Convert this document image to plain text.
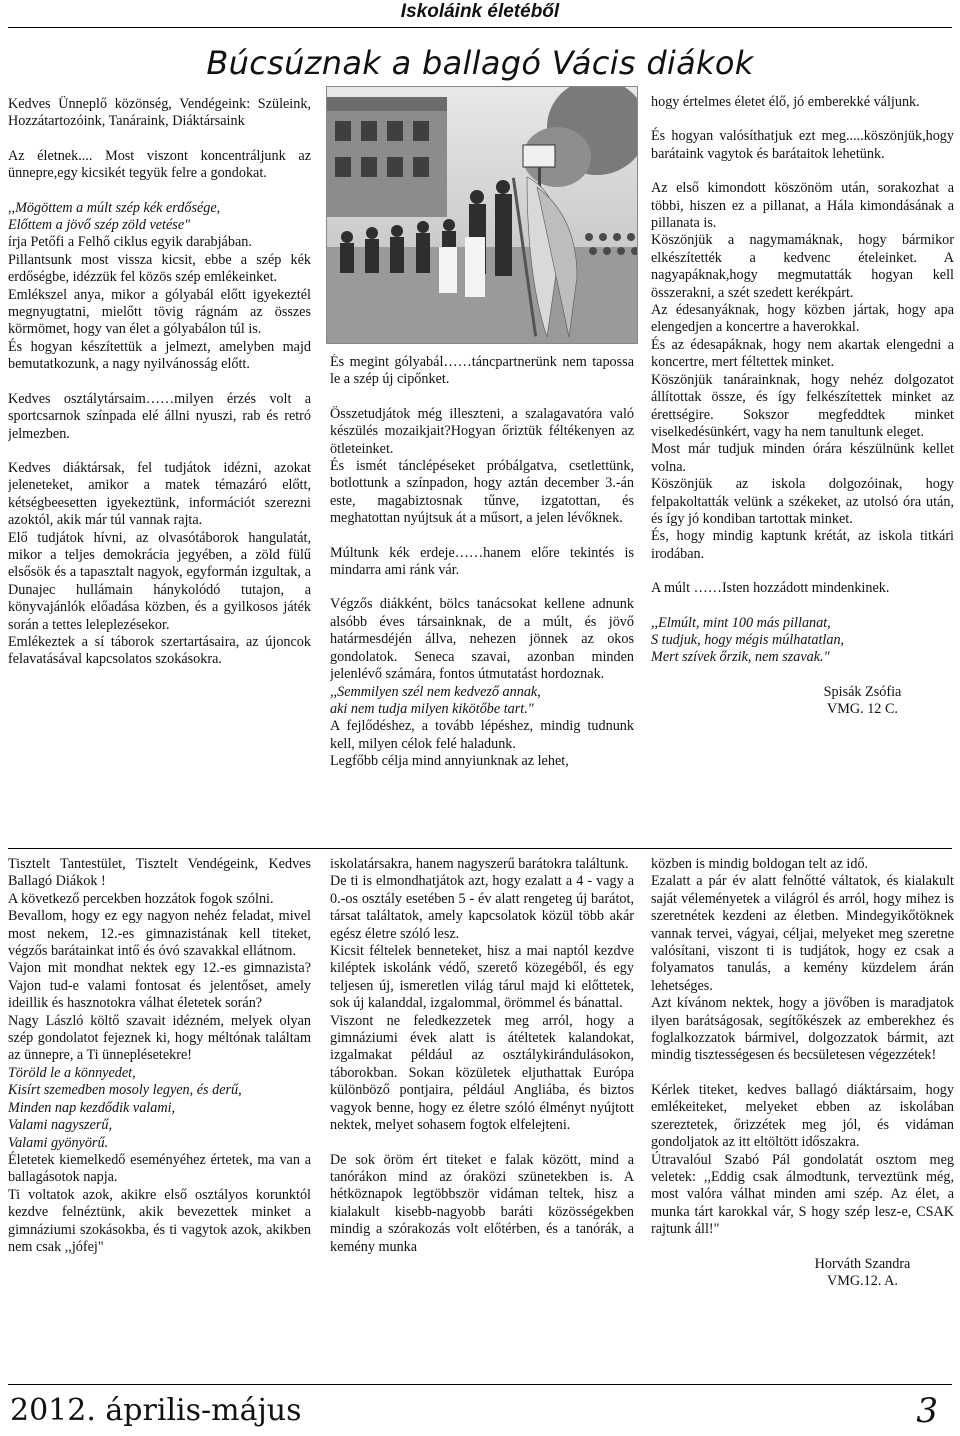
Iskoláink életéből
Búcsúznak a ballagó Vácis diákok

Kedves Ünneplő közönség, Vendégeink: Szüleink, Hozzátartozóink, Tanáraink, Diáktársaink

Az életnek.... Most viszont koncentráljunk az ünnepre,egy kicsikét tegyük felre a gondokat.

,,Mögöttem a múlt szép kék erdősége,

Előttem a jövő szép zöld vetése"

írja Petőfi a Felhő ciklus egyik darabjában.

Pillantsunk most vissza kicsit, ebbe a szép kék erdőségbe, idézzük fel közös szép emlékeinket.

Emlékszel anya, mikor a gólyabál előtt igyekeztél megnyugtatni, mielőtt tövig rágnám az összes körmömet, hogy van élet a gólyabálon túl is.

És hogyan készítettük a jelmezt, amelyben majd bemutatkozunk, a nagy nyilvánosság előtt.

Kedves osztálytársaim……milyen érzés volt a sportcsarnok színpada elé állni nyuszi, rab és retró jelmezben.

Kedves diáktársak, fel tudjátok idézni, azokat jeleneteket, amikor a matek témazáró előtt, kétségbeesetten igyekeztünk, információt szerezni azoktól, akik már túl vannak rajta.

Elő tudjátok hívni, az olvasótáborok hangulatát, mikor a teljes demokrácia jegyében, a zöld fülű elsősök és a tapasztalt nagyok, egyformán izgultak, a Dunajec hullámain hánykolódó tutajon, a könyvajánlók előadása közben, és a gyilkosos játék során a tettes leleplezésekor.

Emlékeztek a sí táborok szertartásaira, az újoncok felavatásával kapcsolatos szokásokra.

És megint gólyabál……táncpartnerünk nem tapossa le a szép új cipőnket.

Összetudjátok még illeszteni, a szalagavatóra való készülés mozaikjait?Hogyan őriztük féltékenyen az ötleteinket.

És ismét tánclépéseket próbálgatva, csetlettünk, botlottunk a színpadon, hogy aztán december 3.-án este, magabiztosnak tűnve, izgatottan, és meghatottan nyújtsuk át a műsort, a jelen lévőknek.

Múltunk kék erdeje……hanem előre tekintés is mindarra ami ránk vár.

Végzős diákként, bölcs tanácsokat kellene adnunk alsóbb éves társainknak, de a múlt, és jövő határmesdéjén állva, nehezen jönnek az okos gondolatok. Seneca szavai, azonban minden jelenlévő számára, fontos útmutatást hordoznak.

,,Semmilyen szél nem kedvező annak,

aki nem tudja milyen kikötőbe tart."

A fejlődéshez, a tovább lépéshez, mindig tudnunk kell, milyen célok felé haladunk.

Legfőbb célja mind annyiunknak az lehet,

hogy értelmes életet élő, jó emberekké váljunk.

És hogyan valósíthatjuk ezt meg.....köszönjük,hogy barátaink vagytok és barátaitok lehetünk.

Az első kimondott köszönöm után, sorakozhat a többi, hiszen ez a pillanat, a Hála kimondásának a pillanata is.

Köszönjük a nagymamáknak, hogy bármikor elkészítették a kedvenc ételeinket. A nagyapáknak,hogy megmutatták hogyan kell összerakni, a szét szedett kerékpárt.

Az édesanyáknak, hogy közben jártak, hogy apa elengedjen a koncertre a haverokkal.

És az édesapáknak, hogy nem akartak elengedni a koncertre, mert féltettek minket.

Köszönjük tanárainknak, hogy nehéz dolgozatot állítottak össze, és így felkészítettek minket az érettségire. Sokszor megfeddtek minket viselkedésünkért, vagy ha nem tanultunk eleget.

Most már tudjuk minden órára készülnünk kellet volna.

Köszönjük az iskola dolgozóinak, hogy felpakoltatták velünk a székeket, az utolsó óra után, és így jó kondiban tartottak minket.

És, hogy mindig kaptunk krétát, az iskola titkári irodában.

A múlt ……Isten hozzádott mindenkinek.

,,Elmúlt, mint 100 más pillanat,

S tudjuk, hogy mégis múlhatatlan,

Mert szívek őrzik, nem szavak."

Spisák Zsófia

VMG. 12 C.

Tisztelt Tantestület, Tisztelt Vendégeink, Kedves Ballagó Diákok !

A következő percekben hozzátok fogok szólni.

Bevallom, hogy ez egy nagyon nehéz feladat, mivel most nekem, 12.-es gimnazistának kell titeket, végzős barátainkat intő és óvó szavakkal ellátnom.

Vajon mit mondhat nektek egy 12.-es gimnazista? Vajon tud-e valami fontosat és jelentőset, amely ideillik és hasznotokra válhat életetek során?

Nagy László költő szavait idézném, melyek olyan szép gondolatot fejeznek ki, hogy méltónak találtam az ünnepre, a Ti ünneplésetekre!

Töröld le a könnyedet,

Kisírt szemedben mosoly legyen, és derű,

Minden nap kezdődik valami,

Valami nagyszerű,

Valami gyönyörű.

Életetek kiemelkedő eseményéhez értetek, ma van a ballagásotok napja.

Ti voltatok azok, akikre első osztályos korunktól kezdve felnéztünk, akik bevezettek minket a gimnáziumi szokásokba, és ti vagytok azok, akikben nem csak ,,jófej"

iskolatársakra, hanem nagyszerű barátokra találtunk.

De ti is elmondhatjátok azt, hogy ezalatt a 4 - vagy a 0.-os osztály esetében 5 - év alatt rengeteg új barátot, társat találtatok, amely kapcsolatok közül több akár egész életre szóló lesz.

Kicsit féltelek benneteket, hisz a mai naptól kezdve kiléptek iskolánk védő, szerető közegéből, és egy teljesen új, ismeretlen világ tárul majd ki előttetek, sok új kalanddal, izgalommal, örömmel és bánattal.

Viszont ne feledkezzetek meg arról, hogy a gimnáziumi évek alatt is átéltetek kalandokat, izgalmakat például az osztálykirándulásokon, táborokban. Sokan közületek eljuthattak Európa különböző pontjaira, például Angliába, és biztos vagyok benne, hogy ez életre szóló élményt nyújtott nektek, melyet sohasem fogtok elfelejteni.

De sok öröm ért titeket e falak között, mind a tanórákon mind az óraközi szünetekben is. A hétköznapok legtöbbször vidáman teltek, hisz a kialakult kisebb-nagyobb baráti közösségekben mindig a szórakozás volt előtérben, és a tanórák, a kemény munka

közben is mindig boldogan telt az idő.

Ezalatt a pár év alatt felnőtté váltatok, és kialakult saját véleményetek a világról és arról, hogy mihez is szeretnétek kezdeni az életben. Mindegyikőtöknek vannak tervei, vágyai, céljai, melyeket meg szeretne valósítani, viszont ti is tudjátok, hogy ez csak a folyamatos tanulás, a kemény küzdelem árán lehetséges.

Azt kívánom nektek, hogy a jövőben is maradjatok ilyen barátságosak, segítőkészek az emberekhez és foglalkozzatok bármivel, dolgozzatok bármit, azt mindig tisztességesen és becsületesen végezzétek!

Kérlek titeket, kedves ballagó diáktársaim, hogy emlékeiteket, melyeket ebben az iskolában szereztetek, őrizzétek meg jól, és vidáman gondoljatok az itt eltöltött időszakra.

Útravalóul Szabó Pál gondolatát osztom meg veletek: ,,Eddig csak álmodtunk, terveztünk még, most valóra válhat minden ami szép. Az élet, a munka tárt karokkal vár, S hogy szép lesz-e, CSAK rajtunk áll!"

Horváth Szandra

VMG.12. A.

2012. április-május	3
